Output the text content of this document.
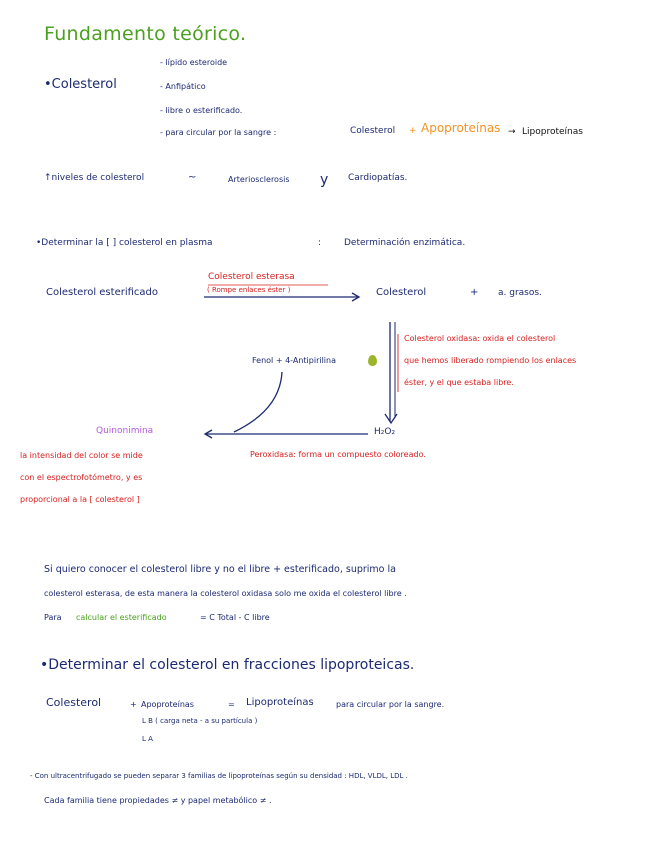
Fundamento teórico.
•Colesterol
- lípido esteroide
- Anfipático
- libre o esterificado.
- para circular por la sangre :	Colesterol + Apoproteínas → Lipoproteínas
↑niveles de colesterol	~	Arteriosclerosis y Cardiopatías.
•Determinar la [ ] colesterol en plasma	:	Determinación enzimática.
Colesterol esterificado
Colesterol esterasa
( Rompe enlaces éster )	Colesterol	+ a. grasos.
Colesterol oxidasa: oxida el colesterol
que hemos liberado rompiendo los enlaces
éster, y el que estaba libre.
Fenol + 4-Antipirilina
H₂O₂
Quinonimina
Peroxidasa: forma un compuesto coloreado.
la intensidad del color se mide
con el espectrofotómetro, y es
proporcional a la [ colesterol ]
Si quiero conocer el colesterol libre y no el libre + esterificado, suprimo la
colesterol esterasa, de esta manera la colesterol oxidasa solo me oxida el colesterol libre .
Para calcular el esterificado	= C Total - C libre
•Determinar el colesterol en fracciones lipoproteicas.
Colesterol	+ Apoproteínas	= Lipoproteínas	para circular por la sangre.
L B ( carga neta - a su partícula )
L A
- Con ultracentrifugado se pueden separar 3 familias de lipoproteínas según su densidad : HDL, VLDL, LDL .
Cada familia tiene propiedades ≠ y papel metabólico ≠ .
